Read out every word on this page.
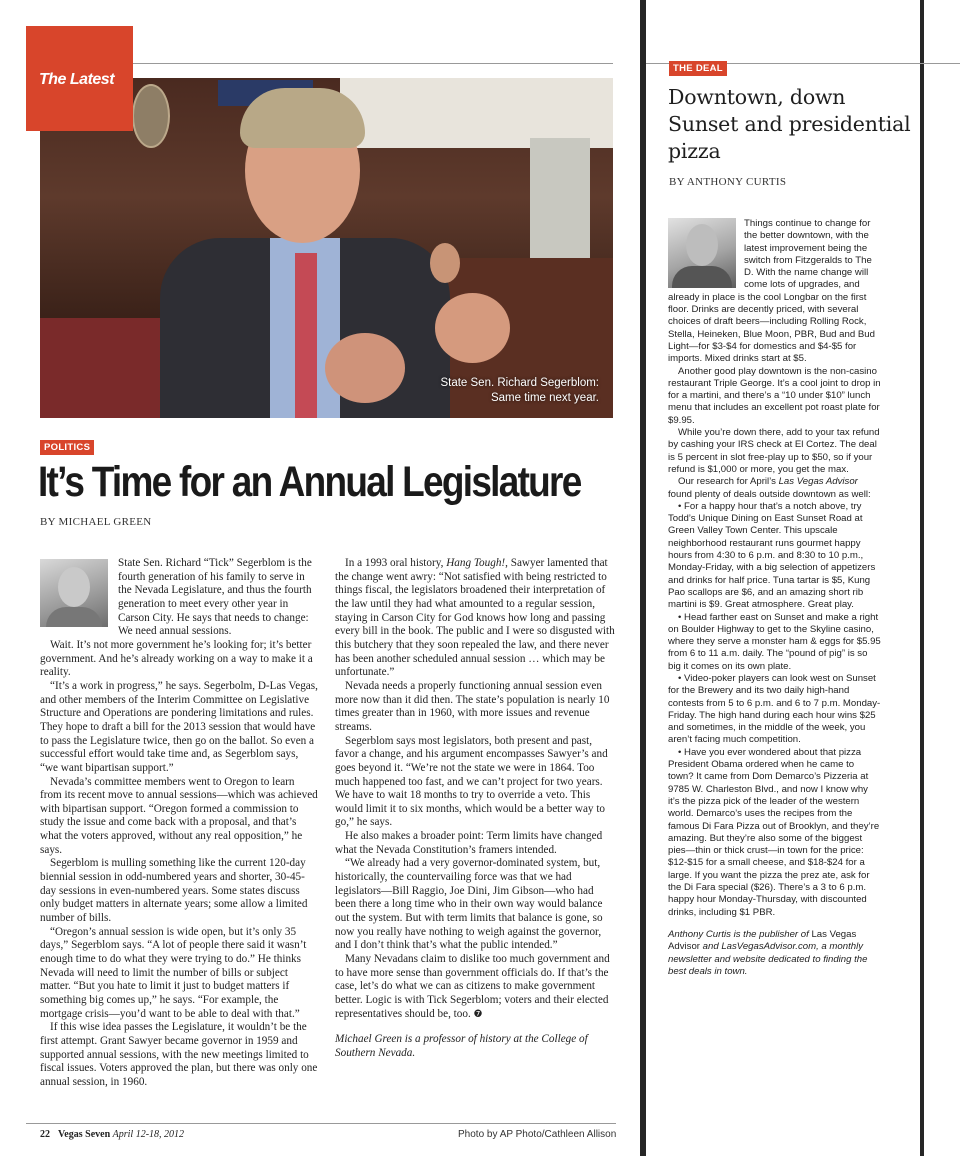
The Latest
State Sen. Richard Segerblom:
Same time next year.
POLITICS
It’s Time for an Annual Legislature
BY MICHAEL GREEN

State Sen. Richard “Tick” Segerblom is the fourth generation of his family to serve in the Nevada Legislature, and thus the fourth generation to meet every other year in Carson City. He says that needs to change: We need annual sessions.

Wait. It’s not more government he’s looking for; it’s better government. And he’s already working on a way to make it a reality.

“It’s a work in progress,” he says. Segerbolm, D-Las Vegas, and other members of the Interim Committee on Legislative Structure and Operations are pondering limitations and rules. They hope to draft a bill for the 2013 session that would have to pass the Legislature twice, then go on the ballot. So even a successful effort would take time and, as Segerblom says, “we want bipartisan support.”

Nevada’s committee members went to Oregon to learn from its recent move to annual sessions—which was achieved with bipartisan support. “Oregon formed a commission to study the issue and come back with a proposal, and that’s what the voters approved, without any real opposition,” he says.

Segerblom is mulling something like the current 120-day biennial session in odd-numbered years and shorter, 30-45-day sessions in even-numbered years. Some states discuss only budget matters in alternate years; some allow a limited number of bills.

“Oregon’s annual session is wide open, but it’s only 35 days,” Segerblom says. “A lot of people there said it wasn’t enough time to do what they were trying to do.” He thinks Nevada will need to limit the number of bills or subject matter. “But you hate to limit it just to budget matters if something big comes up,” he says. “For example, the mortgage crisis—you’d want to be able to deal with that.”

If this wise idea passes the Legislature, it wouldn’t be the first attempt. Grant Sawyer became governor in 1959 and supported annual sessions, with the new meetings limited to fiscal issues. Voters approved the plan, but there was only one annual session, in 1960.

In a 1993 oral history, Hang Tough!, Sawyer lamented that the change went awry: “Not satisfied with being restricted to things fiscal, the legislators broadened their interpretation of the law until they had what amounted to a regular session, staying in Carson City for God knows how long and passing every bill in the book. The public and I were so disgusted with this butchery that they soon repealed the law, and there never has been another scheduled annual session … which may be unfortunate.”

Nevada needs a properly functioning annual session even more now than it did then. The state’s population is nearly 10 times greater than in 1960, with more issues and revenue streams.

Segerblom says most legislators, both present and past, favor a change, and his argument encompasses Sawyer’s and goes beyond it. “We’re not the state we were in 1864. Too much happened too fast, and we can’t project for two years. We have to wait 18 months to try to override a veto. This would limit it to six months, which would be a better way to go,” he says.

He also makes a broader point: Term limits have changed what the Nevada Constitution’s framers intended.

“We already had a very governor-dominated system, but, historically, the countervailing force was that we had legislators—Bill Raggio, Joe Dini, Jim Gibson—who had been there a long time who in their own way would balance out the system. But with term limits that balance is gone, so now you really have nothing to weigh against the governor, and I don’t think that’s what the public intended.”

Many Nevadans claim to dislike too much government and to have more sense than government officials do. If that’s the case, let’s do what we can as citizens to make government better. Logic is with Tick Segerblom; voters and their elected representatives should be, too. ❼

Michael Green is a professor of history at the College of Southern Nevada.

22 Vegas Seven April 12-18, 2012	Photo by AP Photo/Cathleen Allison
THE DEAL
Downtown, down Sunset and presidential pizza
BY ANTHONY CURTIS

Things continue to change for the better downtown, with the latest improvement being the switch from Fitzgeralds to The D. With the name change will come lots of upgrades, and already in place is the cool Longbar on the first floor. Drinks are decently priced, with several choices of draft beers—including Rolling Rock, Stella, Heineken, Blue Moon, PBR, Bud and Bud Light—for $3-$4 for domestics and $4-$5 for imports. Mixed drinks start at $5.

Another good play downtown is the non-casino restaurant Triple George. It’s a cool joint to drop in for a martini, and there’s a “10 under $10” lunch menu that includes an excellent pot roast plate for $9.95.

While you’re down there, add to your tax refund by cashing your IRS check at El Cortez. The deal is 5 percent in slot free-play up to $50, so if your refund is $1,000 or more, you get the max.

Our research for April’s Las Vegas Advisor found plenty of deals outside downtown as well:

• For a happy hour that’s a notch above, try Todd’s Unique Dining on East Sunset Road at Green Valley Town Center. This upscale neighborhood restaurant runs gourmet happy hours from 4:30 to 6 p.m. and 8:30 to 10 p.m., Monday-Friday, with a big selection of appetizers and drinks for half price. Tuna tartar is $5, Kung Pao scallops are $6, and an amazing short rib martini is $9. Great atmosphere. Great play.

• Head farther east on Sunset and make a right on Boulder Highway to get to the Skyline casino, where they serve a monster ham & eggs for $5.95 from 6 to 11 a.m. daily. The “pound of pig” is so big it comes on its own plate.

• Video-poker players can look west on Sunset for the Brewery and its two daily high-hand contests from 5 to 6 p.m. and 6 to 7 p.m. Monday-Friday. The high hand during each hour wins $25 and sometimes, in the middle of the week, you aren’t facing much competition.

• Have you ever wondered about that pizza President Obama ordered when he came to town? It came from Dom Demarco’s Pizzeria at 9785 W. Charleston Blvd., and now I know why it’s the pizza pick of the leader of the western world. Demarco’s uses the recipes from the famous Di Fara Pizza out of Brooklyn, and they’re amazing. But they’re also some of the biggest pies—thin or thick crust—in town for the price: $12-$15 for a small cheese, and $18-$24 for a large. If you want the pizza the prez ate, ask for the Di Fara special ($26). There’s a 3 to 6 p.m. happy hour Monday-Thursday, with discounted drinks, including $1 PBR.

Anthony Curtis is the publisher of Las Vegas Advisor and LasVegasAdvisor.com, a monthly newsletter and website dedicated to finding the best deals in town.
